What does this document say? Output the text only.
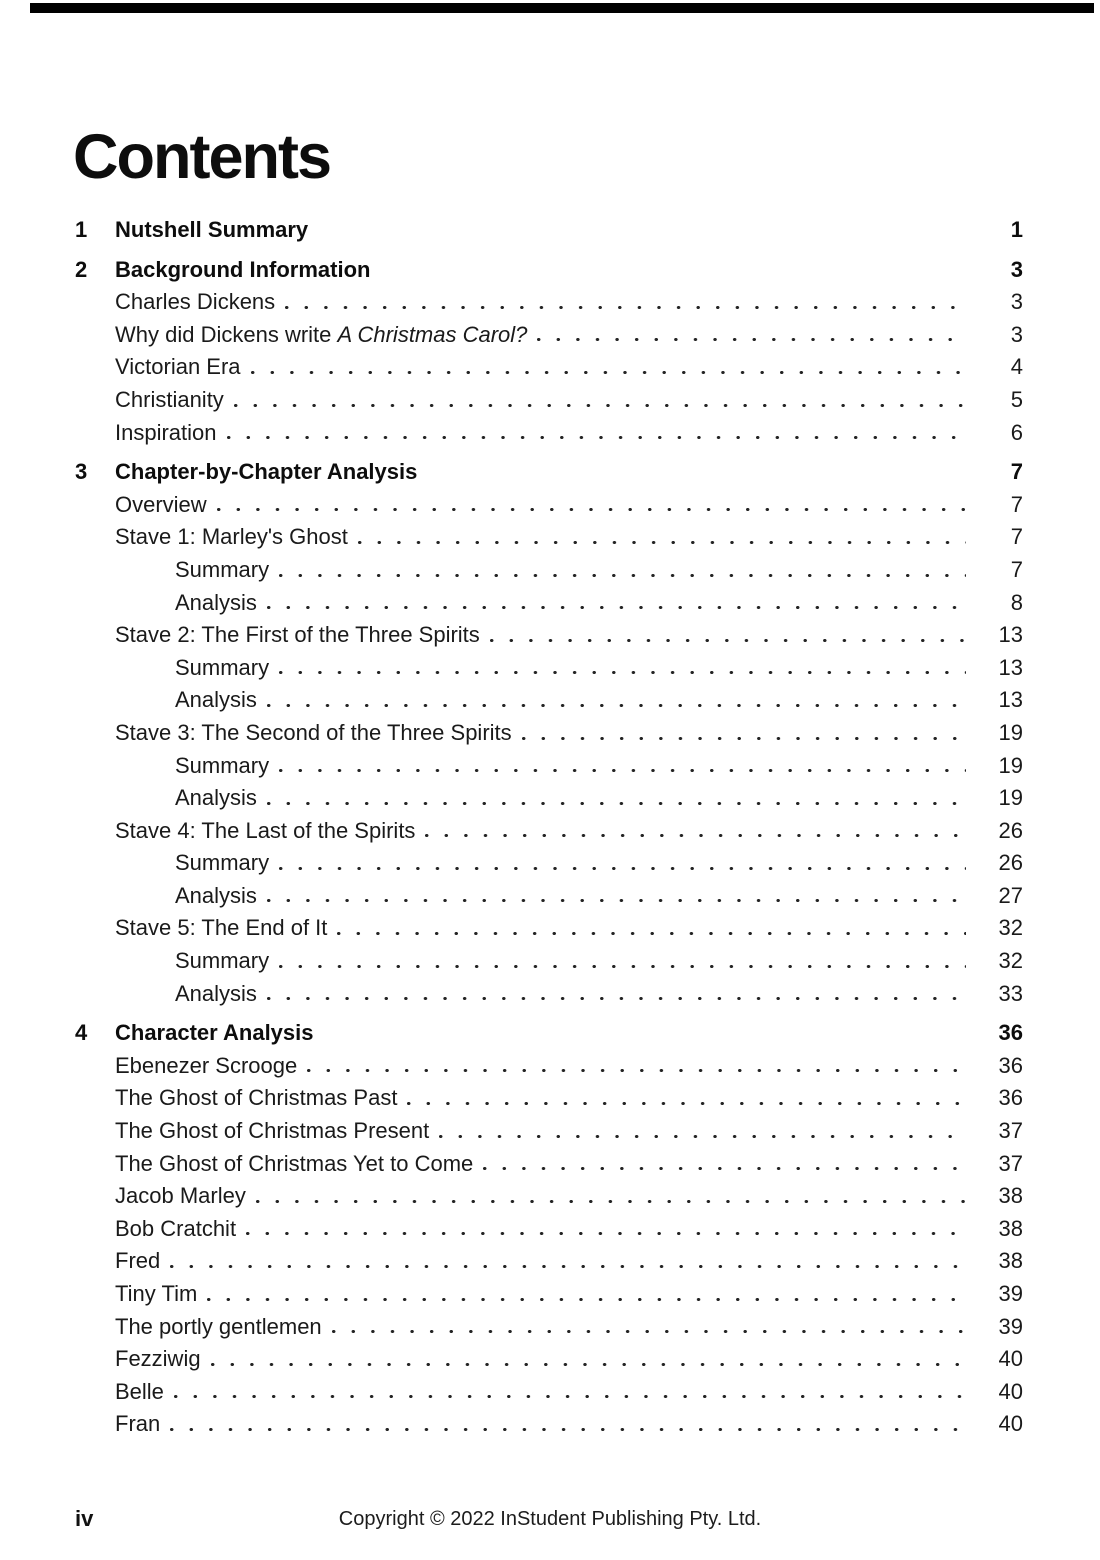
Contents
1	Nutshell Summary	1
2	Background Information	3
Charles Dickens	3
Why did Dickens write A Christmas Carol?	3
Victorian Era	4
Christianity	5
Inspiration	6
3	Chapter-by-Chapter Analysis	7
Overview	7
Stave 1: Marley's Ghost	7
Summary	7
Analysis	8
Stave 2: The First of the Three Spirits	13
Summary	13
Analysis	13
Stave 3: The Second of the Three Spirits	19
Summary	19
Analysis	19
Stave 4: The Last of the Spirits	26
Summary	26
Analysis	27
Stave 5: The End of It	32
Summary	32
Analysis	33
4	Character Analysis	36
Ebenezer Scrooge	36
The Ghost of Christmas Past	36
The Ghost of Christmas Present	37
The Ghost of Christmas Yet to Come	37
Jacob Marley	38
Bob Cratchit	38
Fred	38
Tiny Tim	39
The portly gentlemen	39
Fezziwig	40
Belle	40
Fran	40
iv	Copyright © 2022 InStudent Publishing Pty. Ltd.
